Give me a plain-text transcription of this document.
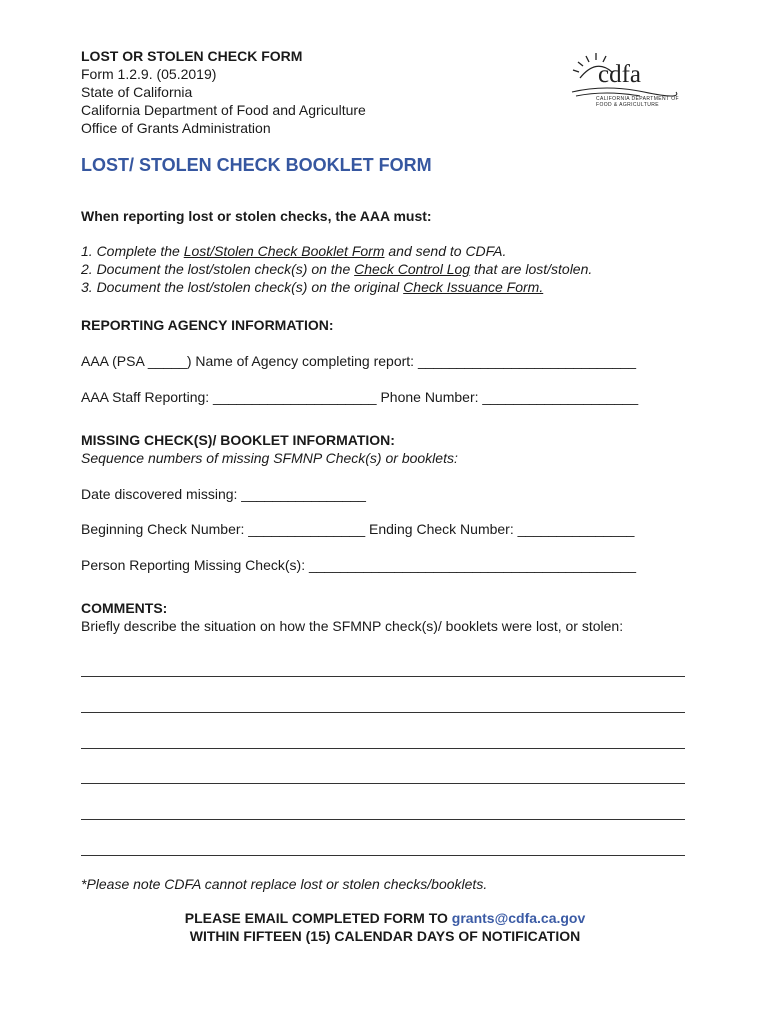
LOST OR STOLEN CHECK FORM
Form 1.2.9. (05.2019)
State of California
California Department of Food and Agriculture
Office of Grants Administration
cdfa
CALIFORNIA DEPARTMENT OF
FOOD & AGRICULTURE
LOST/ STOLEN CHECK BOOKLET FORM
When reporting lost or stolen checks, the AAA must:
1. Complete the Lost/Stolen Check Booklet Form and send to CDFA.
2. Document the lost/stolen check(s) on the Check Control Log that are lost/stolen.
3. Document the lost/stolen check(s) on the original Check Issuance Form.
REPORTING AGENCY INFORMATION:
AAA (PSA _____) Name of Agency completing report: ____________________________
AAA Staff Reporting: _____________________ Phone Number: ____________________
MISSING CHECK(S)/ BOOKLET INFORMATION:
Sequence numbers of missing SFMNP Check(s) or booklets:
Date discovered missing: ________________
Beginning Check Number: _______________ Ending Check Number: _______________
Person Reporting Missing Check(s): __________________________________________
COMMENTS:
Briefly describe the situation on how the SFMNP check(s)/ booklets were lost, or stolen:
*Please note CDFA cannot replace lost or stolen checks/booklets.
PLEASE EMAIL COMPLETED FORM TO grants@cdfa.ca.gov
WITHIN FIFTEEN (15) CALENDAR DAYS OF NOTIFICATION
